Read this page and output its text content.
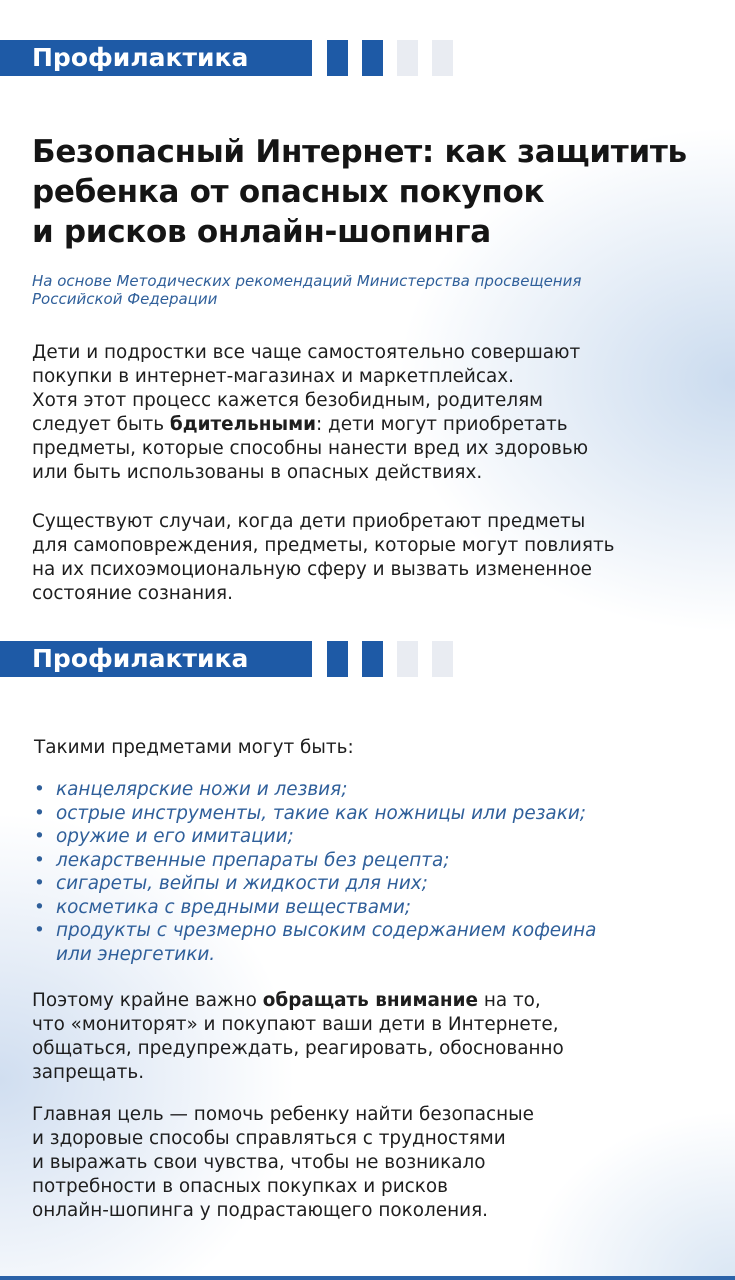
Профилактика
Безопасный Интернет: как защитить
ребенка от опасных покупок
и рисков онлайн-шопинга
На основе Методических рекомендаций Министерства просвещения
Российской Федерации
Дети и подростки все чаще самостоятельно совершают
покупки в интернет-магазинах и маркетплейсах.
Хотя этот процесс кажется безобидным, родителям
следует быть бдительными: дети могут приобретать
предметы, которые способны нанести вред их здоровью
или быть использованы в опасных действиях.
Существуют случаи, когда дети приобретают предметы
для самоповреждения, предметы, которые могут повлиять
на их психоэмоциональную сферу и вызвать измененное
состояние сознания.
Профилактика
Такими предметами могут быть:
• канцелярские ножи и лезвия;
• острые инструменты, такие как ножницы или резаки;
• оружие и его имитации;
• лекарственные препараты без рецепта;
• сигареты, вейпы и жидкости для них;
• косметика с вредными веществами;
• продукты с чрезмерно высоким содержанием кофеина
или энергетики.
Поэтому крайне важно обращать внимание на то,
что «мониторят» и покупают ваши дети в Интернете,
общаться, предупреждать, реагировать, обоснованно
запрещать.
Главная цель — помочь ребенку найти безопасные
и здоровые способы справляться с трудностями
и выражать свои чувства, чтобы не возникало
потребности в опасных покупках и рисков
онлайн-шопинга у подрастающего поколения.
